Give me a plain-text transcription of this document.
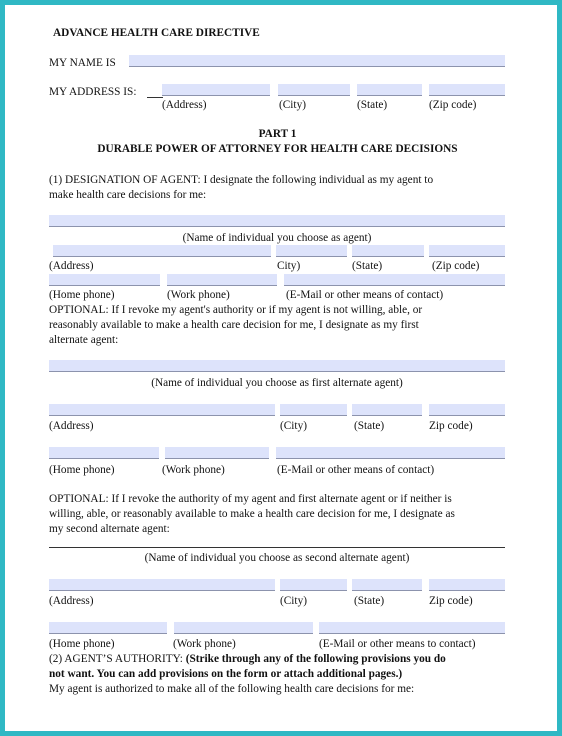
ADVANCE HEALTH CARE DIRECTIVE
MY NAME IS
MY ADDRESS IS:
(Address)	(City)	(State)	(Zip code)
PART 1
DURABLE POWER OF ATTORNEY FOR HEALTH CARE DECISIONS
(1) DESIGNATION OF AGENT: I designate the following individual as my agent to
make health care decisions for me:
(Name of individual you choose as agent)
(Address)	City)	(State)	(Zip code)
(Home phone)	(Work phone)	(E-Mail or other means of contact)
OPTIONAL: If I revoke my agent's authority or if my agent is not willing, able, or
reasonably available to make a health care decision for me, I designate as my first
alternate agent:
(Name of individual you choose as first alternate agent)
(Address)	(City)	(State)	Zip code)
(Home phone)	(Work phone)	(E-Mail or other means of contact)
OPTIONAL: If I revoke the authority of my agent and first alternate agent or if neither is
willing, able, or reasonably available to make a health care decision for me, I designate as
my second alternate agent:
(Name of individual you choose as second alternate agent)
(Address)	(City)	(State)	Zip code)
(Home phone)	(Work phone)	(E-Mail or other means to contact)
(2) AGENT’S AUTHORITY: (Strike through any of the following provisions you do
not want. You can add provisions on the form or attach additional pages.)
My agent is authorized to make all of the following health care decisions for me:
